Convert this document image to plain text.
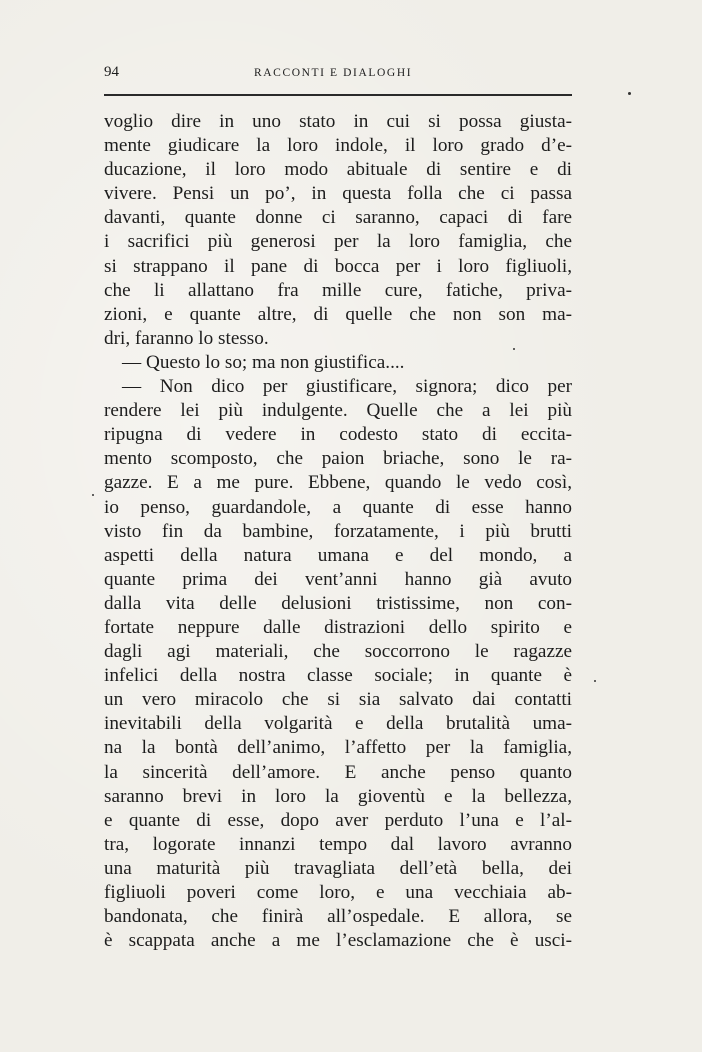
94	RACCONTI E DIALOGHI
voglio dire in uno stato in cui si possa giusta-
mente giudicare la loro indole, il loro grado d’e-
ducazione, il loro modo abituale di sentire e di
vivere. Pensi un po’, in questa folla che ci passa
davanti, quante donne ci saranno, capaci di fare
i sacrifici più generosi per la loro famiglia, che
si strappano il pane di bocca per i loro figliuoli,
che li allattano fra mille cure, fatiche, priva-
zioni, e quante altre, di quelle che non son ma-
dri, faranno lo stesso.
— Questo lo so; ma non giustifica....
— Non dico per giustificare, signora; dico per
rendere lei più indulgente. Quelle che a lei più
ripugna di vedere in codesto stato di eccita-
mento scomposto, che paion briache, sono le ra-
gazze. E a me pure. Ebbene, quando le vedo così,
io penso, guardandole, a quante di esse hanno
visto fin da bambine, forzatamente, i più brutti
aspetti della natura umana e del mondo, a
quante prima dei vent’anni hanno già avuto
dalla vita delle delusioni tristissime, non con-
fortate neppure dalle distrazioni dello spirito e
dagli agi materiali, che soccorrono le ragazze
infelici della nostra classe sociale; in quante è
un vero miracolo che si sia salvato dai contatti
inevitabili della volgarità e della brutalità uma-
na la bontà dell’animo, l’affetto per la famiglia,
la sincerità dell’amore. E anche penso quanto
saranno brevi in loro la gioventù e la bellezza,
e quante di esse, dopo aver perduto l’una e l’al-
tra, logorate innanzi tempo dal lavoro avranno
una maturità più travagliata dell’età bella, dei
figliuoli poveri come loro, e una vecchiaia ab-
bandonata, che finirà all’ospedale. E allora, se
è scappata anche a me l’esclamazione che è usci-
